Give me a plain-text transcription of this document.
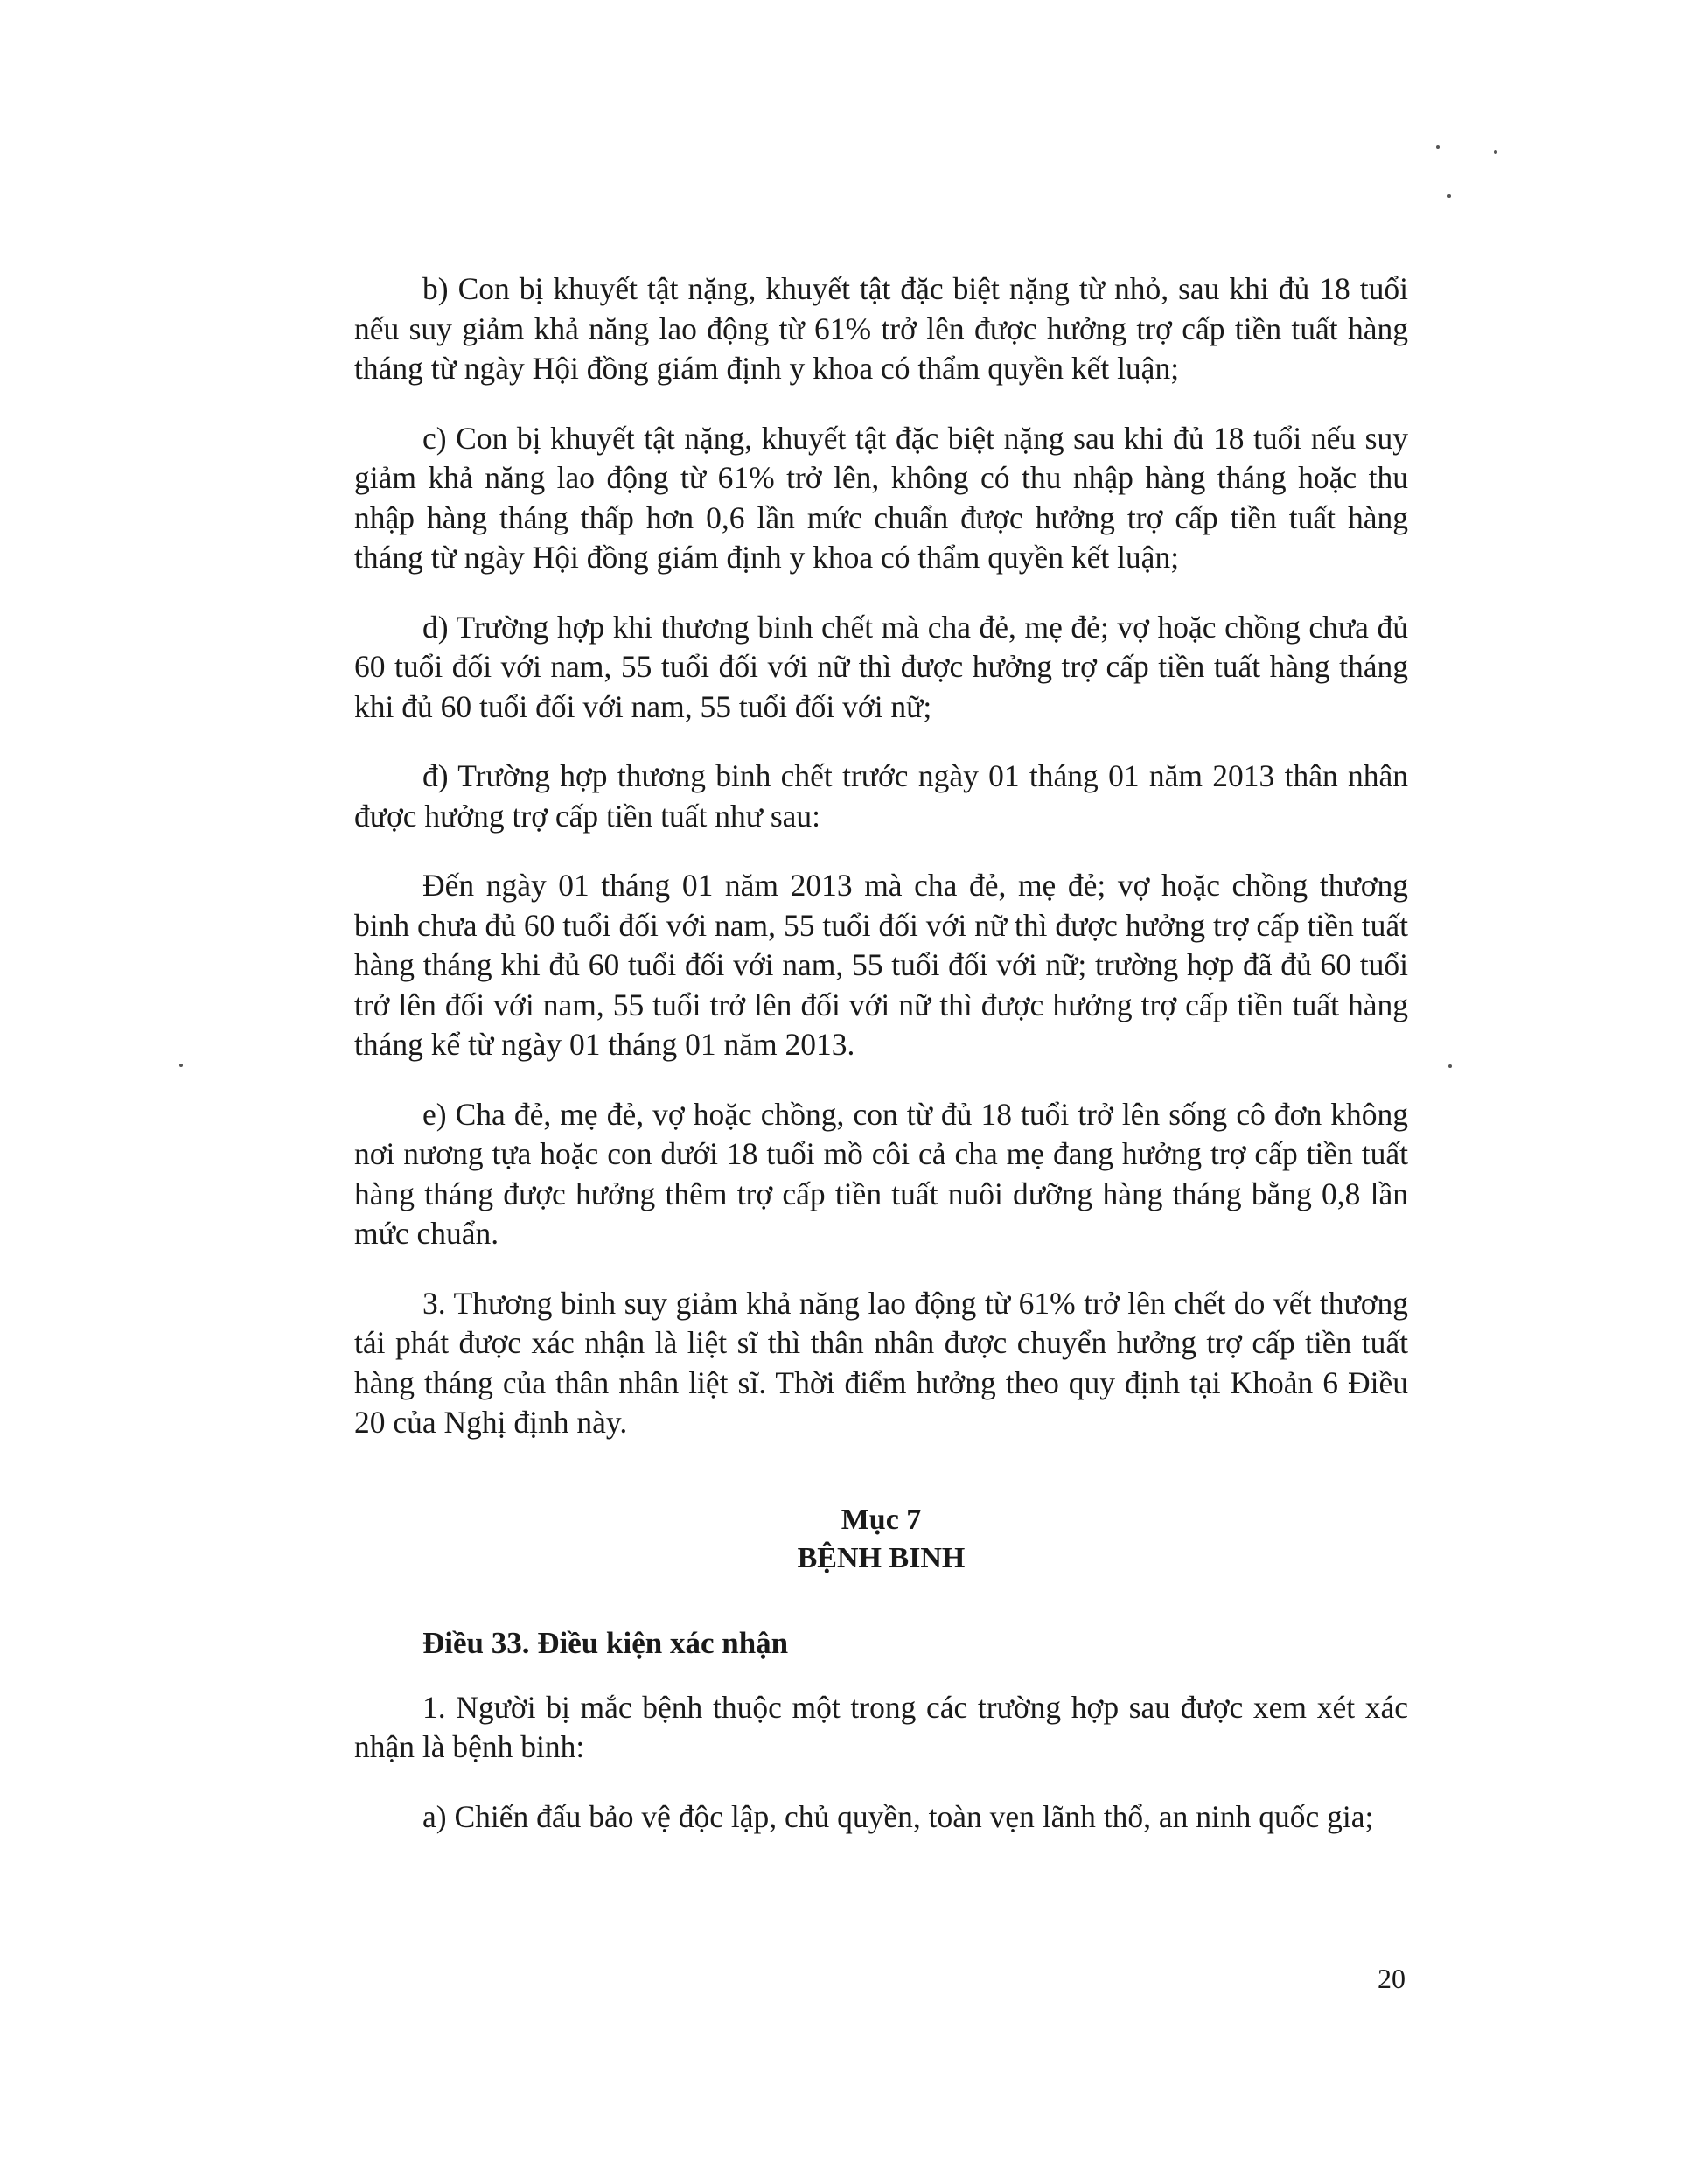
b) Con bị khuyết tật nặng, khuyết tật đặc biệt nặng từ nhỏ, sau khi đủ 18 tuổi nếu suy giảm khả năng lao động từ 61% trở lên được hưởng trợ cấp tiền tuất hàng tháng từ ngày Hội đồng giám định y khoa có thẩm quyền kết luận;

c) Con bị khuyết tật nặng, khuyết tật đặc biệt nặng sau khi đủ 18 tuổi nếu suy giảm khả năng lao động từ 61% trở lên, không có thu nhập hàng tháng hoặc thu nhập hàng tháng thấp hơn 0,6 lần mức chuẩn được hưởng trợ cấp tiền tuất hàng tháng từ ngày Hội đồng giám định y khoa có thẩm quyền kết luận;

d) Trường hợp khi thương binh chết mà cha đẻ, mẹ đẻ; vợ hoặc chồng chưa đủ 60 tuổi đối với nam, 55 tuổi đối với nữ thì được hưởng trợ cấp tiền tuất hàng tháng khi đủ 60 tuổi đối với nam, 55 tuổi đối với nữ;

đ) Trường hợp thương binh chết trước ngày 01 tháng 01 năm 2013 thân nhân được hưởng trợ cấp tiền tuất như sau:

Đến ngày 01 tháng 01 năm 2013 mà cha đẻ, mẹ đẻ; vợ hoặc chồng thương binh chưa đủ 60 tuổi đối với nam, 55 tuổi đối với nữ thì được hưởng trợ cấp tiền tuất hàng tháng khi đủ 60 tuổi đối với nam, 55 tuổi đối với nữ; trường hợp đã đủ 60 tuổi trở lên đối với nam, 55 tuổi trở lên đối với nữ thì được hưởng trợ cấp tiền tuất hàng tháng kể từ ngày 01 tháng 01 năm 2013.

e) Cha đẻ, mẹ đẻ, vợ hoặc chồng, con từ đủ 18 tuổi trở lên sống cô đơn không nơi nương tựa hoặc con dưới 18 tuổi mồ côi cả cha mẹ đang hưởng trợ cấp tiền tuất hàng tháng được hưởng thêm trợ cấp tiền tuất nuôi dưỡng hàng tháng bằng 0,8 lần mức chuẩn.

3. Thương binh suy giảm khả năng lao động từ 61% trở lên chết do vết thương tái phát được xác nhận là liệt sĩ thì thân nhân được chuyển hưởng trợ cấp tiền tuất hàng tháng của thân nhân liệt sĩ. Thời điểm hưởng theo quy định tại Khoản 6 Điều 20 của Nghị định này.

Mục 7

BỆNH BINH

Điều 33. Điều kiện xác nhận

1. Người bị mắc bệnh thuộc một trong các trường hợp sau được xem xét xác nhận là bệnh binh:

a) Chiến đấu bảo vệ độc lập, chủ quyền, toàn vẹn lãnh thổ, an ninh quốc gia;

20
